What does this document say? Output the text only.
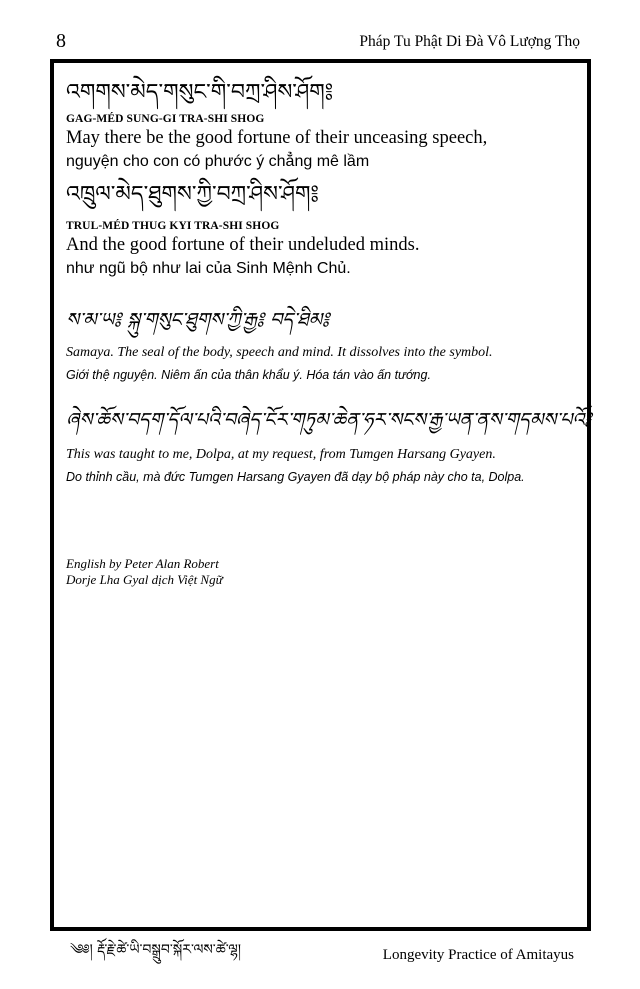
8	Pháp Tu Phật Di Đà Vô Lượng Thọ
འགགས་མེད་གསུང་གི་བཀྲ་ཤིས་ཤོག༔
GAG-MÉD SUNG-GI TRA-SHI SHOG
May there be the good fortune of their unceasing speech,
nguyện cho con có phước ý chẳng mê lầm
འཁྲུལ་མེད་ཐུགས་ཀྱི་བཀྲ་ཤིས་ཤོག༔
TRUL-MÉD THUG KYI TRA-SHI SHOG
And the good fortune of their undeluded minds.
như ngũ bộ như lai của Sinh Mệnh Chủ.
ས་མ་ཡ༔ སྐུ་གསུང་ཐུགས་ཀྱི་རྒྱ༔ བདེ་ཐིམ༔
Samaya. The seal of the body, speech and mind. It dissolves into the symbol.
Giới thệ nguyện. Niêm ấn của thân khẩu ý. Hóa tán vào ấn tướng.
ཞེས་ཆོས་བདག་དོལ་པའི་བཞེད་ངོར་གཏུམ་ཆེན་ཧར་སངས་རྒྱ་ཡན་ནས་གདམས་པའོ༔
This was taught to me, Dolpa, at my request, from Tumgen Harsang Gyayen.
Do thỉnh cầu, mà đức Tumgen Harsang Gyayen đã dạy bộ pháp này cho ta, Dolpa.
English by Peter Alan Robert
Dorje Lha Gyal dịch Việt Ngữ
༄༅། རྡོ་རྗེ་ཚེ་ཡི་བསྒྲུབ་སྐོར་ལས་ཚེ་ལྷ།	Longevity Practice of Amitayus
